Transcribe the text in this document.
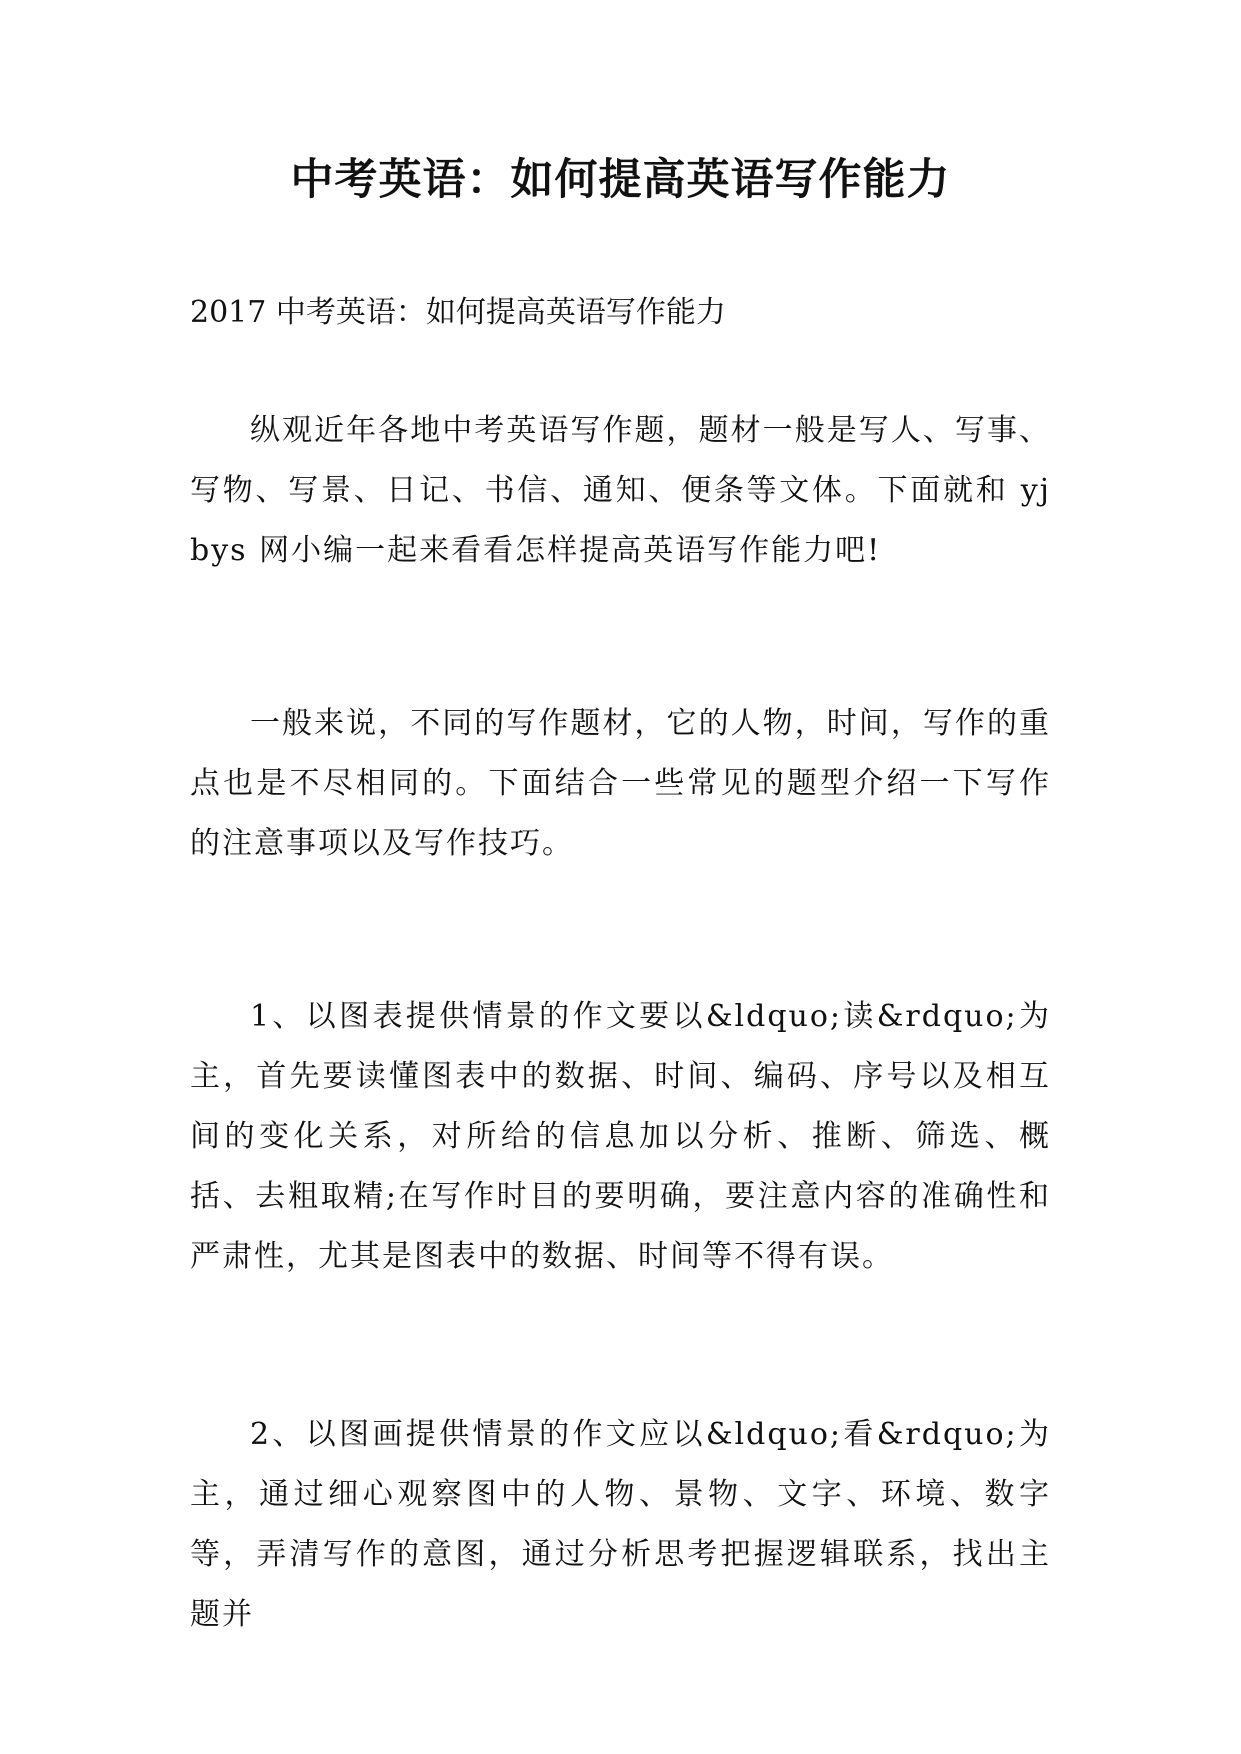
中考英语：如何提高英语写作能力
2017 中考英语：如何提高英语写作能力

纵观近年各地中考英语写作题，题材一般是写人、写事、写物、写景、日记、书信、通知、便条等文体。下面就和 yjbys 网小编一起来看看怎样提高英语写作能力吧!

一般来说，不同的写作题材，它的人物，时间，写作的重点也是不尽相同的。下面结合一些常见的题型介绍一下写作的注意事项以及写作技巧。

1、以图表提供情景的作文要以&ldquo;读&rdquo;为主，首先要读懂图表中的数据、时间、编码、序号以及相互间的变化关系，对所给的信息加以分析、推断、筛选、概括、去粗取精;在写作时目的要明确，要注意内容的准确性和严肃性，尤其是图表中的数据、时间等不得有误。

2、以图画提供情景的作文应以&ldquo;看&rdquo;为主，通过细心观察图中的人物、景物、文字、环境、数字等，弄清写作的意图，通过分析思考把握逻辑联系，找出主题并
